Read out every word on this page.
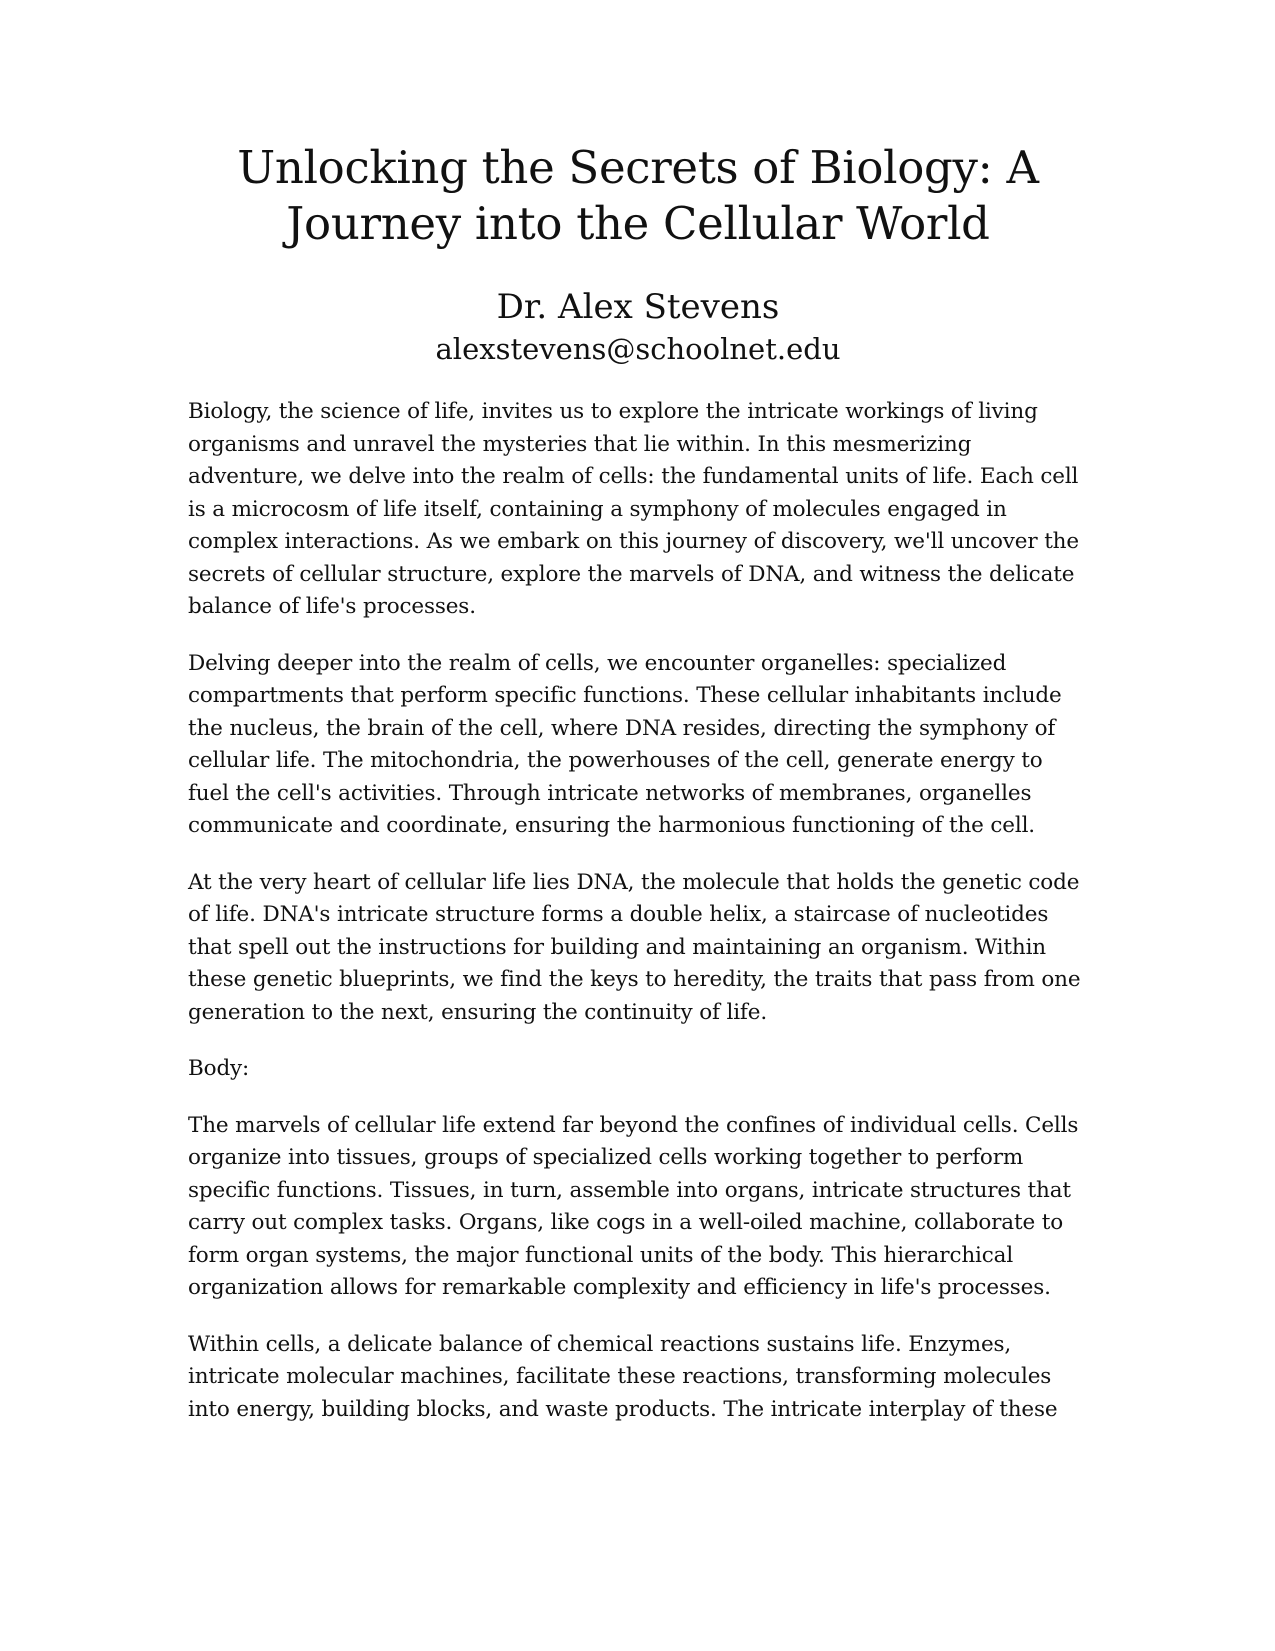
Unlocking the Secrets of Biology: A Journey into the Cellular World

Dr. Alex Stevens

alexstevens@schoolnet.edu

Biology, the science of life, invites us to explore the intricate workings of living organisms and unravel the mysteries that lie within. In this mesmerizing adventure, we delve into the realm of cells: the fundamental units of life. Each cell is a microcosm of life itself, containing a symphony of molecules engaged in complex interactions. As we embark on this journey of discovery, we'll uncover the secrets of cellular structure, explore the marvels of DNA, and witness the delicate balance of life's processes.

Delving deeper into the realm of cells, we encounter organelles: specialized compartments that perform specific functions. These cellular inhabitants include the nucleus, the brain of the cell, where DNA resides, directing the symphony of cellular life. The mitochondria, the powerhouses of the cell, generate energy to fuel the cell's activities. Through intricate networks of membranes, organelles communicate and coordinate, ensuring the harmonious functioning of the cell.

At the very heart of cellular life lies DNA, the molecule that holds the genetic code of life. DNA's intricate structure forms a double helix, a staircase of nucleotides that spell out the instructions for building and maintaining an organism. Within these genetic blueprints, we find the keys to heredity, the traits that pass from one generation to the next, ensuring the continuity of life.

Body:

The marvels of cellular life extend far beyond the confines of individual cells. Cells organize into tissues, groups of specialized cells working together to perform specific functions. Tissues, in turn, assemble into organs, intricate structures that carry out complex tasks. Organs, like cogs in a well-oiled machine, collaborate to form organ systems, the major functional units of the body. This hierarchical organization allows for remarkable complexity and efficiency in life's processes.

Within cells, a delicate balance of chemical reactions sustains life. Enzymes, intricate molecular machines, facilitate these reactions, transforming molecules into energy, building blocks, and waste products. The intricate interplay of these
